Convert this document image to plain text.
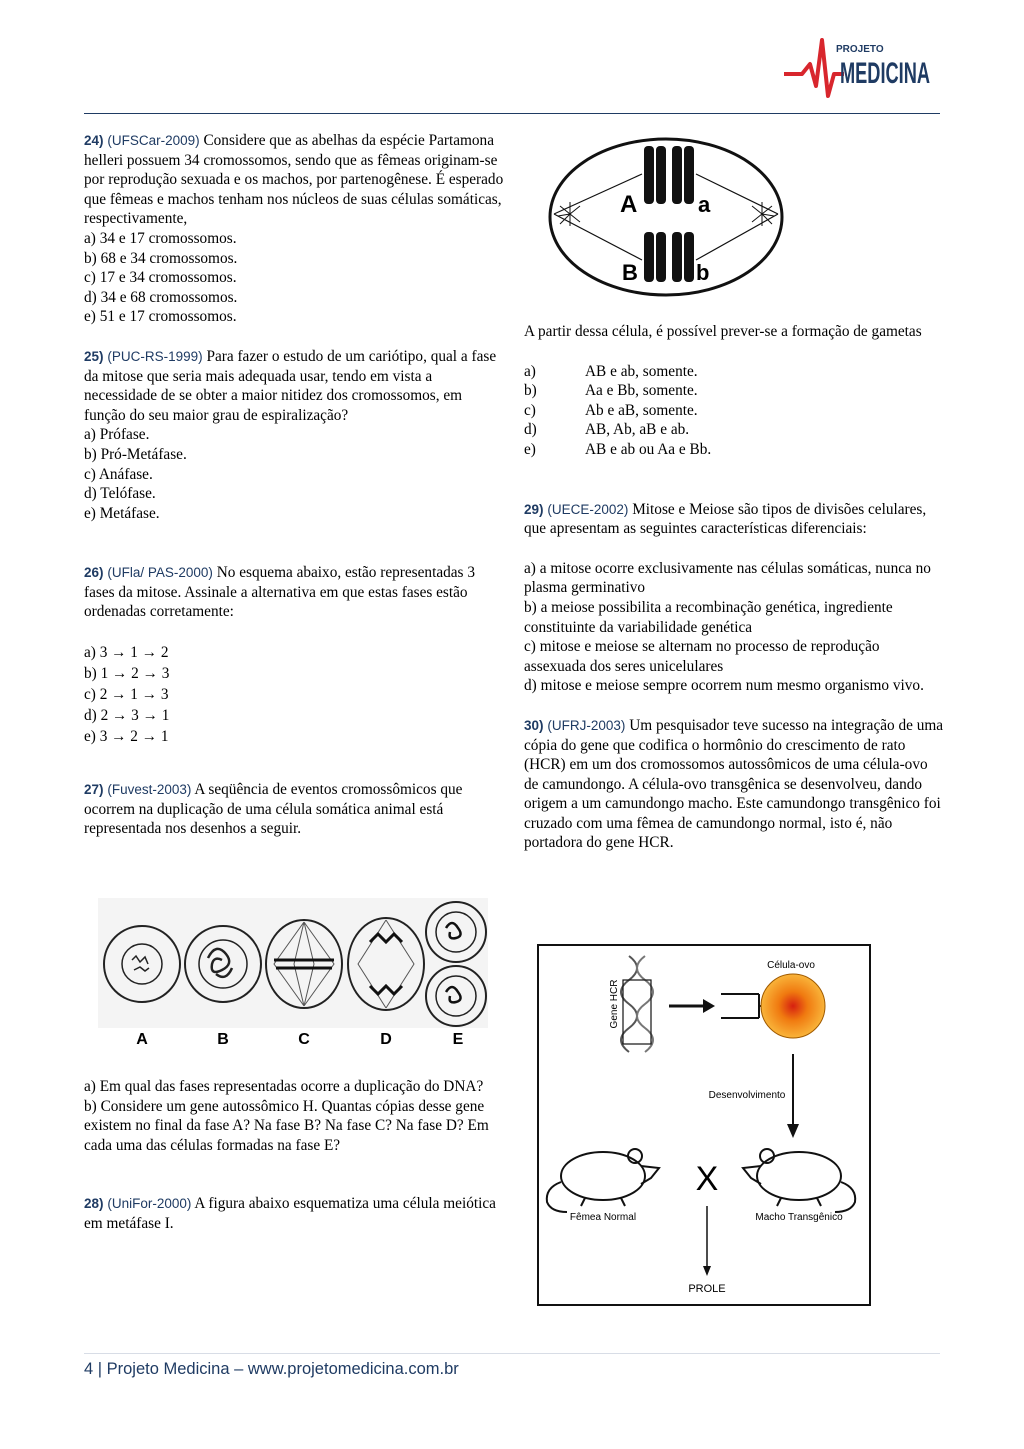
PROJETO
MEDICINA

24) (UFSCar-2009) Considere que as abelhas da espécie Partamona helleri possuem 34 cromossomos, sendo que as fêmeas originam-se por reprodução sexuada e os machos, por partenogênese. É esperado que fêmeas e machos tenham nos núcleos de suas células somáticas, respectivamente,

a) 34 e 17 cromossomos.
b) 68 e 34 cromossomos.
c) 17 e 34 cromossomos.
d) 34 e 68 cromossomos.
e) 51 e 17 cromossomos.

25) (PUC-RS-1999) Para fazer o estudo de um cariótipo, qual a fase da mitose que seria mais adequada usar, tendo em vista a necessidade de se obter a maior nitidez dos cromossomos, em função do seu maior grau de espiralização?

a) Prófase.
b) Pró-Metáfase.
c) Anáfase.
d) Telófase.
e) Metáfase.

26) (UFla/ PAS-2000) No esquema abaixo, estão representadas 3 fases da mitose. Assinale a alternativa em que estas fases estão ordenadas corretamente:

a) 3 → 1 → 2
b) 1 → 2 → 3
c) 2 → 1 → 3
d) 2 → 3 → 1
e) 3 → 2 → 1

27) (Fuvest-2003) A seqüência de eventos cromossômicos que ocorrem na duplicação de uma célula somática animal está representada nos desenhos a seguir.

A	B	C	D	E
a) Em qual das fases representadas ocorre a duplicação do DNA?
b) Considere um gene autossômico H. Quantas cópias desse gene existem no final da fase A? Na fase B? Na fase C? Na fase D? Em cada uma das células formadas na fase E?

28) (UniFor-2000) A figura abaixo esquematiza uma célula meiótica em metáfase I.

A	a
B	b

A partir dessa célula, é possível prever-se a formação de gametas

a)	AB e ab, somente.
b)	Aa e Bb, somente.
c)	Ab e aB, somente.
d)	AB, Ab, aB e ab.
e)	AB e ab ou Aa e Bb.

29) (UECE-2002) Mitose e Meiose são tipos de divisões celulares, que apresentam as seguintes características diferenciais:

a) a mitose ocorre exclusivamente nas células somáticas, nunca no plasma germinativo
b) a meiose possibilita a recombinação genética, ingrediente constituinte da variabilidade genética
c) mitose e meiose se alternam no processo de reprodução assexuada dos seres unicelulares
d) mitose e meiose sempre ocorrem num mesmo organismo vivo.

30) (UFRJ-2003) Um pesquisador teve sucesso na integração de uma cópia do gene que codifica o hormônio do crescimento de rato (HCR) em um dos cromossomos autossômicos de uma célula-ovo de camundongo. A célula-ovo transgênica se desenvolveu, dando origem a um camundongo macho. Este camundongo transgênico foi cruzado com uma fêmea de camundongo normal, isto é, não portadora do gene HCR.

Gene HCR
Célula-ovo
Desenvolvimento
Fêmea Normal
X
Macho Transgênico
PROLE
4 | Projeto Medicina – www.projetomedicina.com.br
